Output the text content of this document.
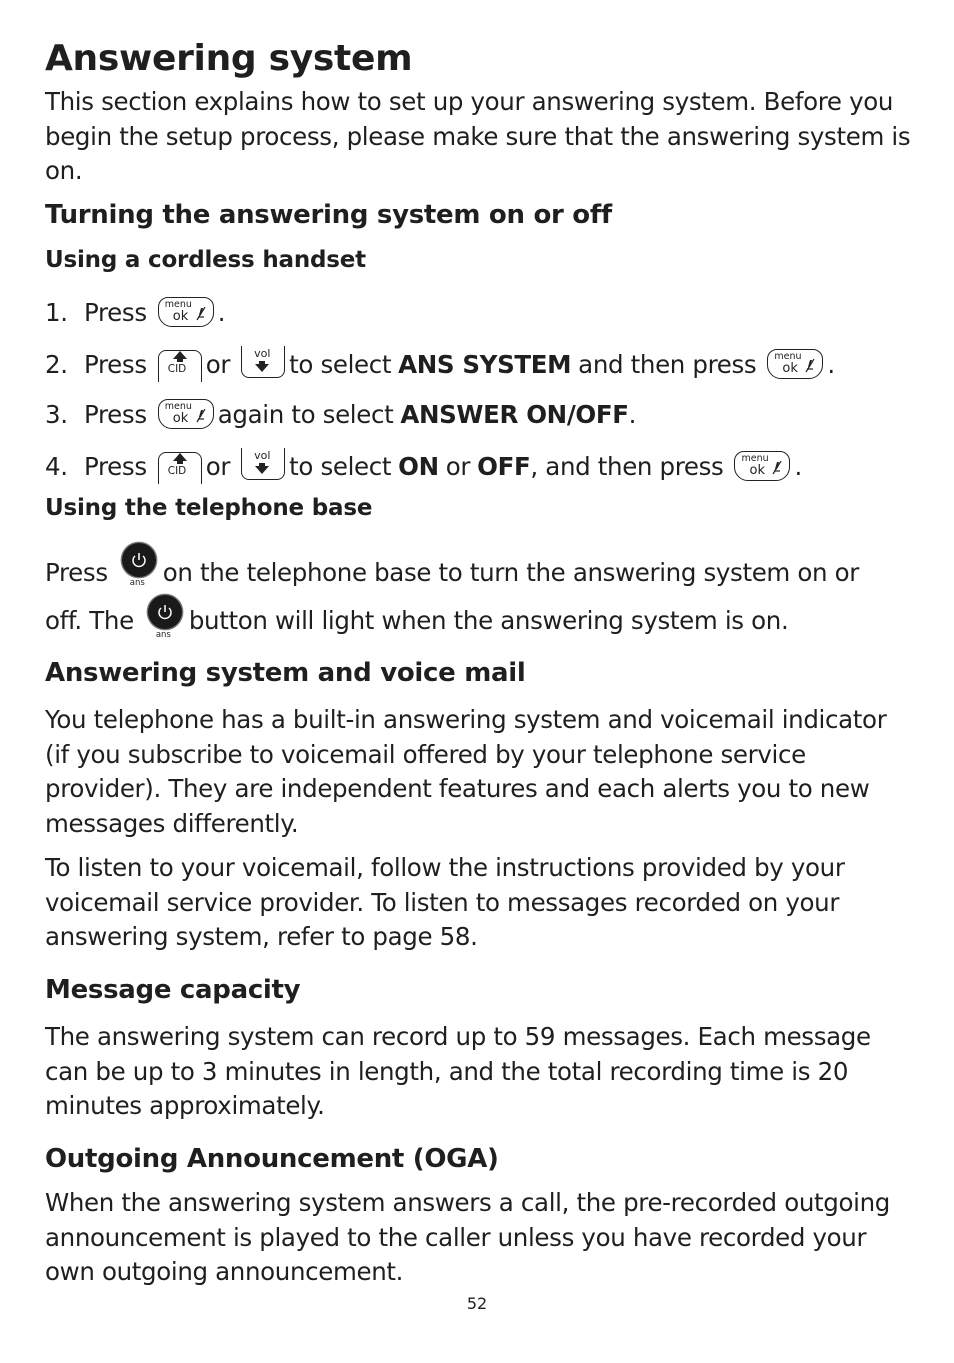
Answering system

This section explains how to set up your answering system. Before you begin the setup process, please make sure that the answering system is on.

Turning the answering system on or off
Using a cordless handset
1. Press menu
ok .
2. Press CID or vol to select ANS SYSTEM and then press menu
ok .
3. Press menu
ok again to select ANSWER ON/OFF .
4. Press CID or vol to select ON or OFF , and then press menu
ok .
Using the telephone base
Press	ans on the telephone base to turn the answering system on or
off. The
ans
button will light when the answering system is on.
Answering system and voice mail

You telephone has a built-in answering system and voicemail indicator (if you subscribe to voicemail offered by your telephone service provider). They are independent features and each alerts you to new messages differently.

To listen to your voicemail, follow the instructions provided by your voicemail service provider. To listen to messages recorded on your answering system, refer to page 58.

Message capacity

The answering system can record up to 59 messages. Each message can be up to 3 minutes in length, and the total recording time is 20 minutes approximately.

Outgoing Announcement (OGA)

When the answering system answers a call, the pre-recorded outgoing announcement is played to the caller unless you have recorded your own outgoing announcement.

52
